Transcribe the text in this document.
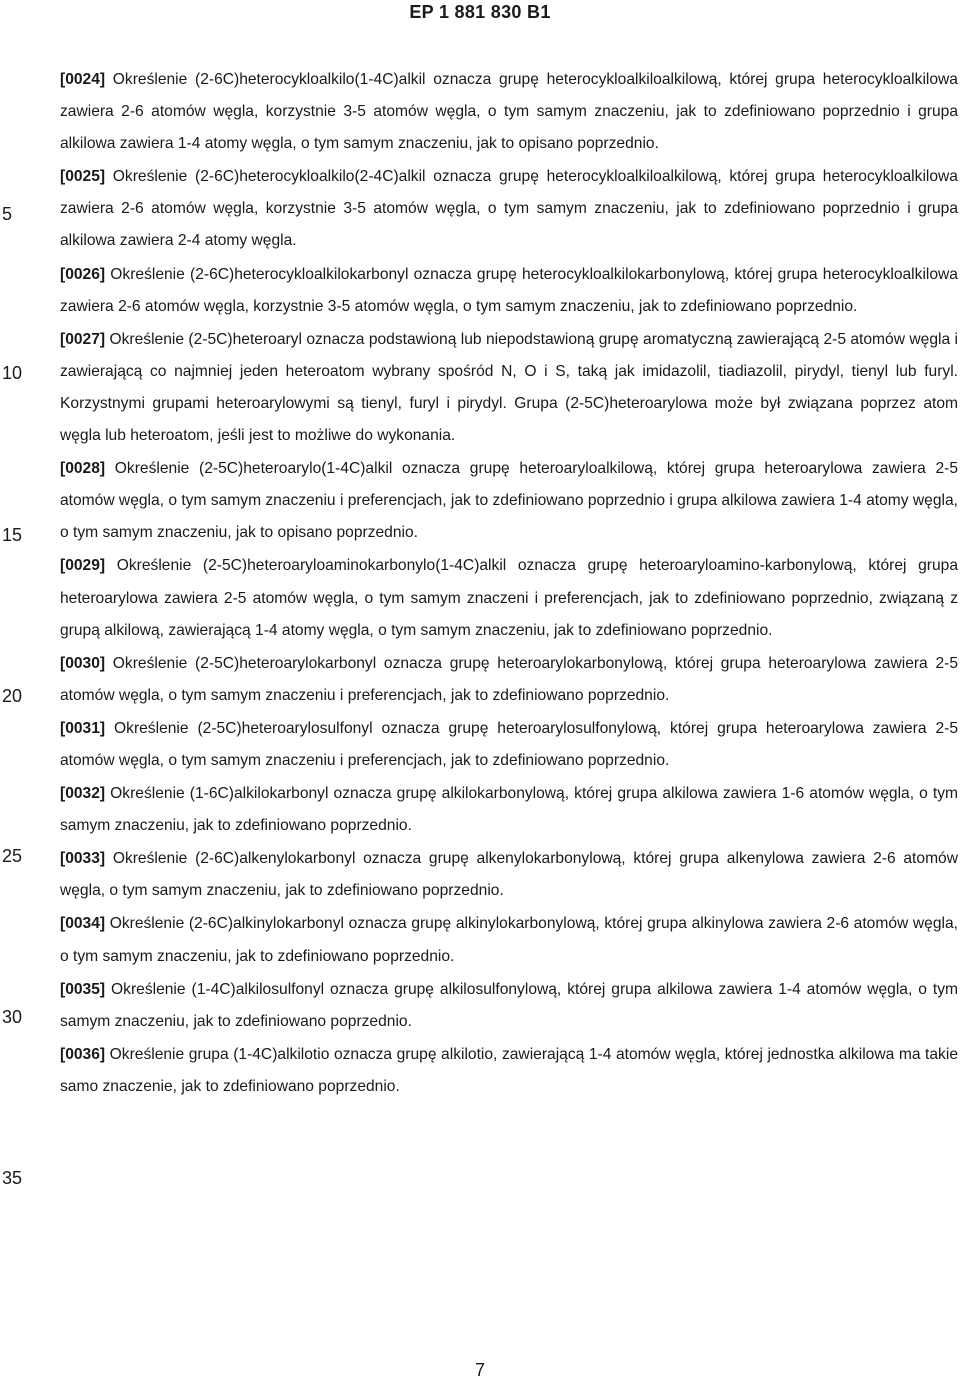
EP 1 881 830 B1
5
10
15
20
25
30
35

[0024] Określenie (2-6C)heterocykloalkilo(1-4C)alkil oznacza grupę heterocykloalkiloalkilową, której grupa heterocykloalkilowa zawiera 2-6 atomów węgla, korzystnie 3-5 atomów węgla, o tym samym znaczeniu, jak to zdefiniowano poprzednio i grupa alkilowa zawiera 1-4 atomy węgla, o tym samym znaczeniu, jak to opisano poprzednio.

[0025] Określenie (2-6C)heterocykloalkilo(2-4C)alkil oznacza grupę heterocykloalkiloalkilową, której grupa heterocykloalkilowa zawiera 2-6 atomów węgla, korzystnie 3-5 atomów węgla, o tym samym znaczeniu, jak to zdefiniowano poprzednio i grupa alkilowa zawiera 2-4 atomy węgla.

[0026] Określenie (2-6C)heterocykloalkilokarbonyl oznacza grupę heterocykloalkilokarbonylową, której grupa heterocykloalkilowa zawiera 2-6 atomów węgla, korzystnie 3-5 atomów węgla, o tym samym znaczeniu, jak to zdefiniowano poprzednio.

[0027] Określenie (2-5C)heteroaryl oznacza podstawioną lub niepodstawioną grupę aromatyczną zawierającą 2-5 atomów węgla i zawierającą co najmniej jeden heteroatom wybrany spośród N, O i S, taką jak imidazolil, tiadiazolil, pirydyl, tienyl lub furyl. Korzystnymi grupami heteroarylowymi są tienyl, furyl i pirydyl. Grupa (2-5C)heteroarylowa może był związana poprzez atom węgla lub heteroatom, jeśli jest to możliwe do wykonania.

[0028] Określenie (2-5C)heteroarylo(1-4C)alkil oznacza grupę heteroaryloalkilową, której grupa heteroarylowa zawiera 2-5 atomów węgla, o tym samym znaczeniu i preferencjach, jak to zdefiniowano poprzednio i grupa alkilowa zawiera 1-4 atomy węgla, o tym samym znaczeniu, jak to opisano poprzednio.

[0029] Określenie (2-5C)heteroaryloaminokarbonylo(1-4C)alkil oznacza grupę heteroaryloamino-karbonylową, której grupa heteroarylowa zawiera 2-5 atomów węgla, o tym samym znaczeni i preferencjach, jak to zdefiniowano poprzednio, związaną z grupą alkilową, zawierającą 1-4 atomy węgla, o tym samym znaczeniu, jak to zdefiniowano poprzednio.

[0030] Określenie (2-5C)heteroarylokarbonyl oznacza grupę heteroarylokarbonylową, której grupa heteroarylowa zawiera 2-5 atomów węgla, o tym samym znaczeniu i preferencjach, jak to zdefiniowano poprzednio.

[0031] Określenie (2-5C)heteroarylosulfonyl oznacza grupę heteroarylosulfonylową, której grupa heteroarylowa zawiera 2-5 atomów węgla, o tym samym znaczeniu i preferencjach, jak to zdefiniowano poprzednio.

[0032] Określenie (1-6C)alkilokarbonyl oznacza grupę alkilokarbonylową, której grupa alkilowa zawiera 1-6 atomów węgla, o tym samym znaczeniu, jak to zdefiniowano poprzednio.

[0033] Określenie (2-6C)alkenylokarbonyl oznacza grupę alkenylokarbonylową, której grupa alkenylowa zawiera 2-6 atomów węgla, o tym samym znaczeniu, jak to zdefiniowano poprzednio.

[0034] Określenie (2-6C)alkinylokarbonyl oznacza grupę alkinylokarbonylową, której grupa alkinylowa zawiera 2-6 atomów węgla, o tym samym znaczeniu, jak to zdefiniowano poprzednio.

[0035] Określenie (1-4C)alkilosulfonyl oznacza grupę alkilosulfonylową, której grupa alkilowa zawiera 1-4 atomów węgla, o tym samym znaczeniu, jak to zdefiniowano poprzednio.

[0036] Określenie grupa (1-4C)alkilotio oznacza grupę alkilotio, zawierającą 1-4 atomów węgla, której jednostka alkilowa ma takie samo znaczenie, jak to zdefiniowano poprzednio.

7
